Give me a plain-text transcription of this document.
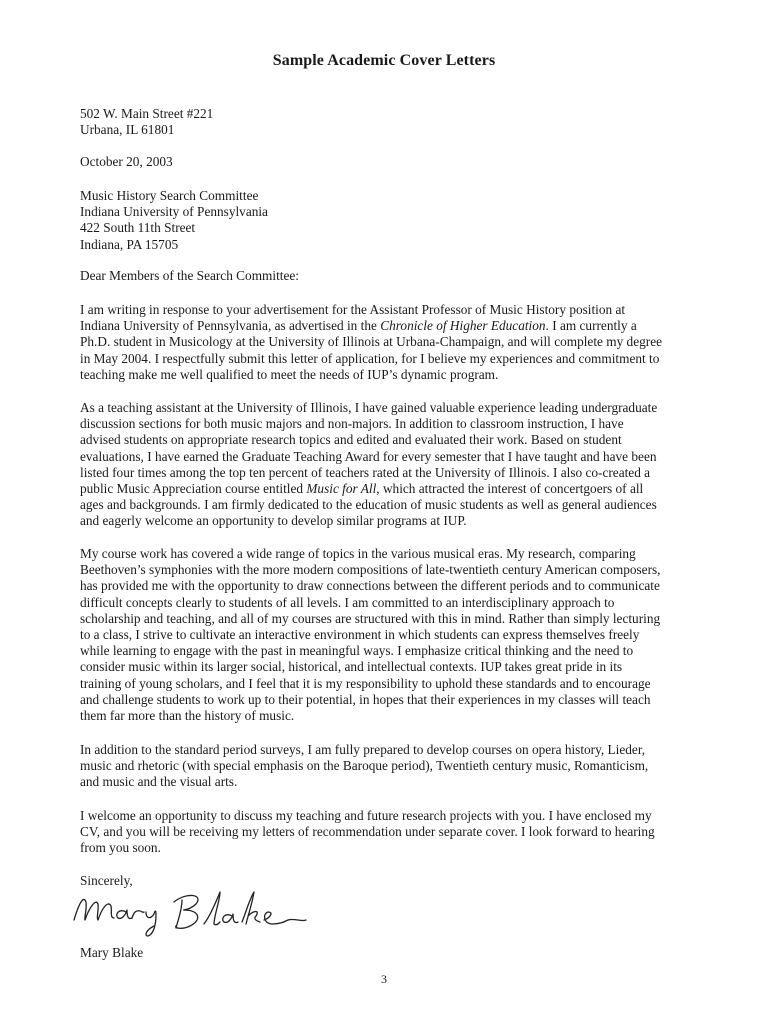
Sample Academic Cover Letters
502 W. Main Street #221
Urbana, IL 61801
October 20, 2003
Music History Search Committee
Indiana University of Pennsylvania
422 South 11th Street
Indiana, PA 15705
Dear Members of the Search Committee:
I am writing in response to your advertisement for the Assistant Professor of Music History position at
Indiana University of Pennsylvania, as advertised in the Chronicle of Higher Education. I am currently a
Ph.D. student in Musicology at the University of Illinois at Urbana-Champaign, and will complete my degree
in May 2004. I respectfully submit this letter of application, for I believe my experiences and commitment to
teaching make me well qualified to meet the needs of IUP’s dynamic program.
As a teaching assistant at the University of Illinois, I have gained valuable experience leading undergraduate
discussion sections for both music majors and non-majors. In addition to classroom instruction, I have
advised students on appropriate research topics and edited and evaluated their work. Based on student
evaluations, I have earned the Graduate Teaching Award for every semester that I have taught and have been
listed four times among the top ten percent of teachers rated at the University of Illinois. I also co-created a
public Music Appreciation course entitled Music for All, which attracted the interest of concertgoers of all
ages and backgrounds. I am firmly dedicated to the education of music students as well as general audiences
and eagerly welcome an opportunity to develop similar programs at IUP.
My course work has covered a wide range of topics in the various musical eras. My research, comparing
Beethoven’s symphonies with the more modern compositions of late-twentieth century American composers,
has provided me with the opportunity to draw connections between the different periods and to communicate
difficult concepts clearly to students of all levels. I am committed to an interdisciplinary approach to
scholarship and teaching, and all of my courses are structured with this in mind. Rather than simply lecturing
to a class, I strive to cultivate an interactive environment in which students can express themselves freely
while learning to engage with the past in meaningful ways. I emphasize critical thinking and the need to
consider music within its larger social, historical, and intellectual contexts. IUP takes great pride in its
training of young scholars, and I feel that it is my responsibility to uphold these standards and to encourage
and challenge students to work up to their potential, in hopes that their experiences in my classes will teach
them far more than the history of music.
In addition to the standard period surveys, I am fully prepared to develop courses on opera history, Lieder,
music and rhetoric (with special emphasis on the Baroque period), Twentieth century music, Romanticism,
and music and the visual arts.
I welcome an opportunity to discuss my teaching and future research projects with you. I have enclosed my
CV, and you will be receiving my letters of recommendation under separate cover. I look forward to hearing
from you soon.
Sincerely,
Mary Blake
3
